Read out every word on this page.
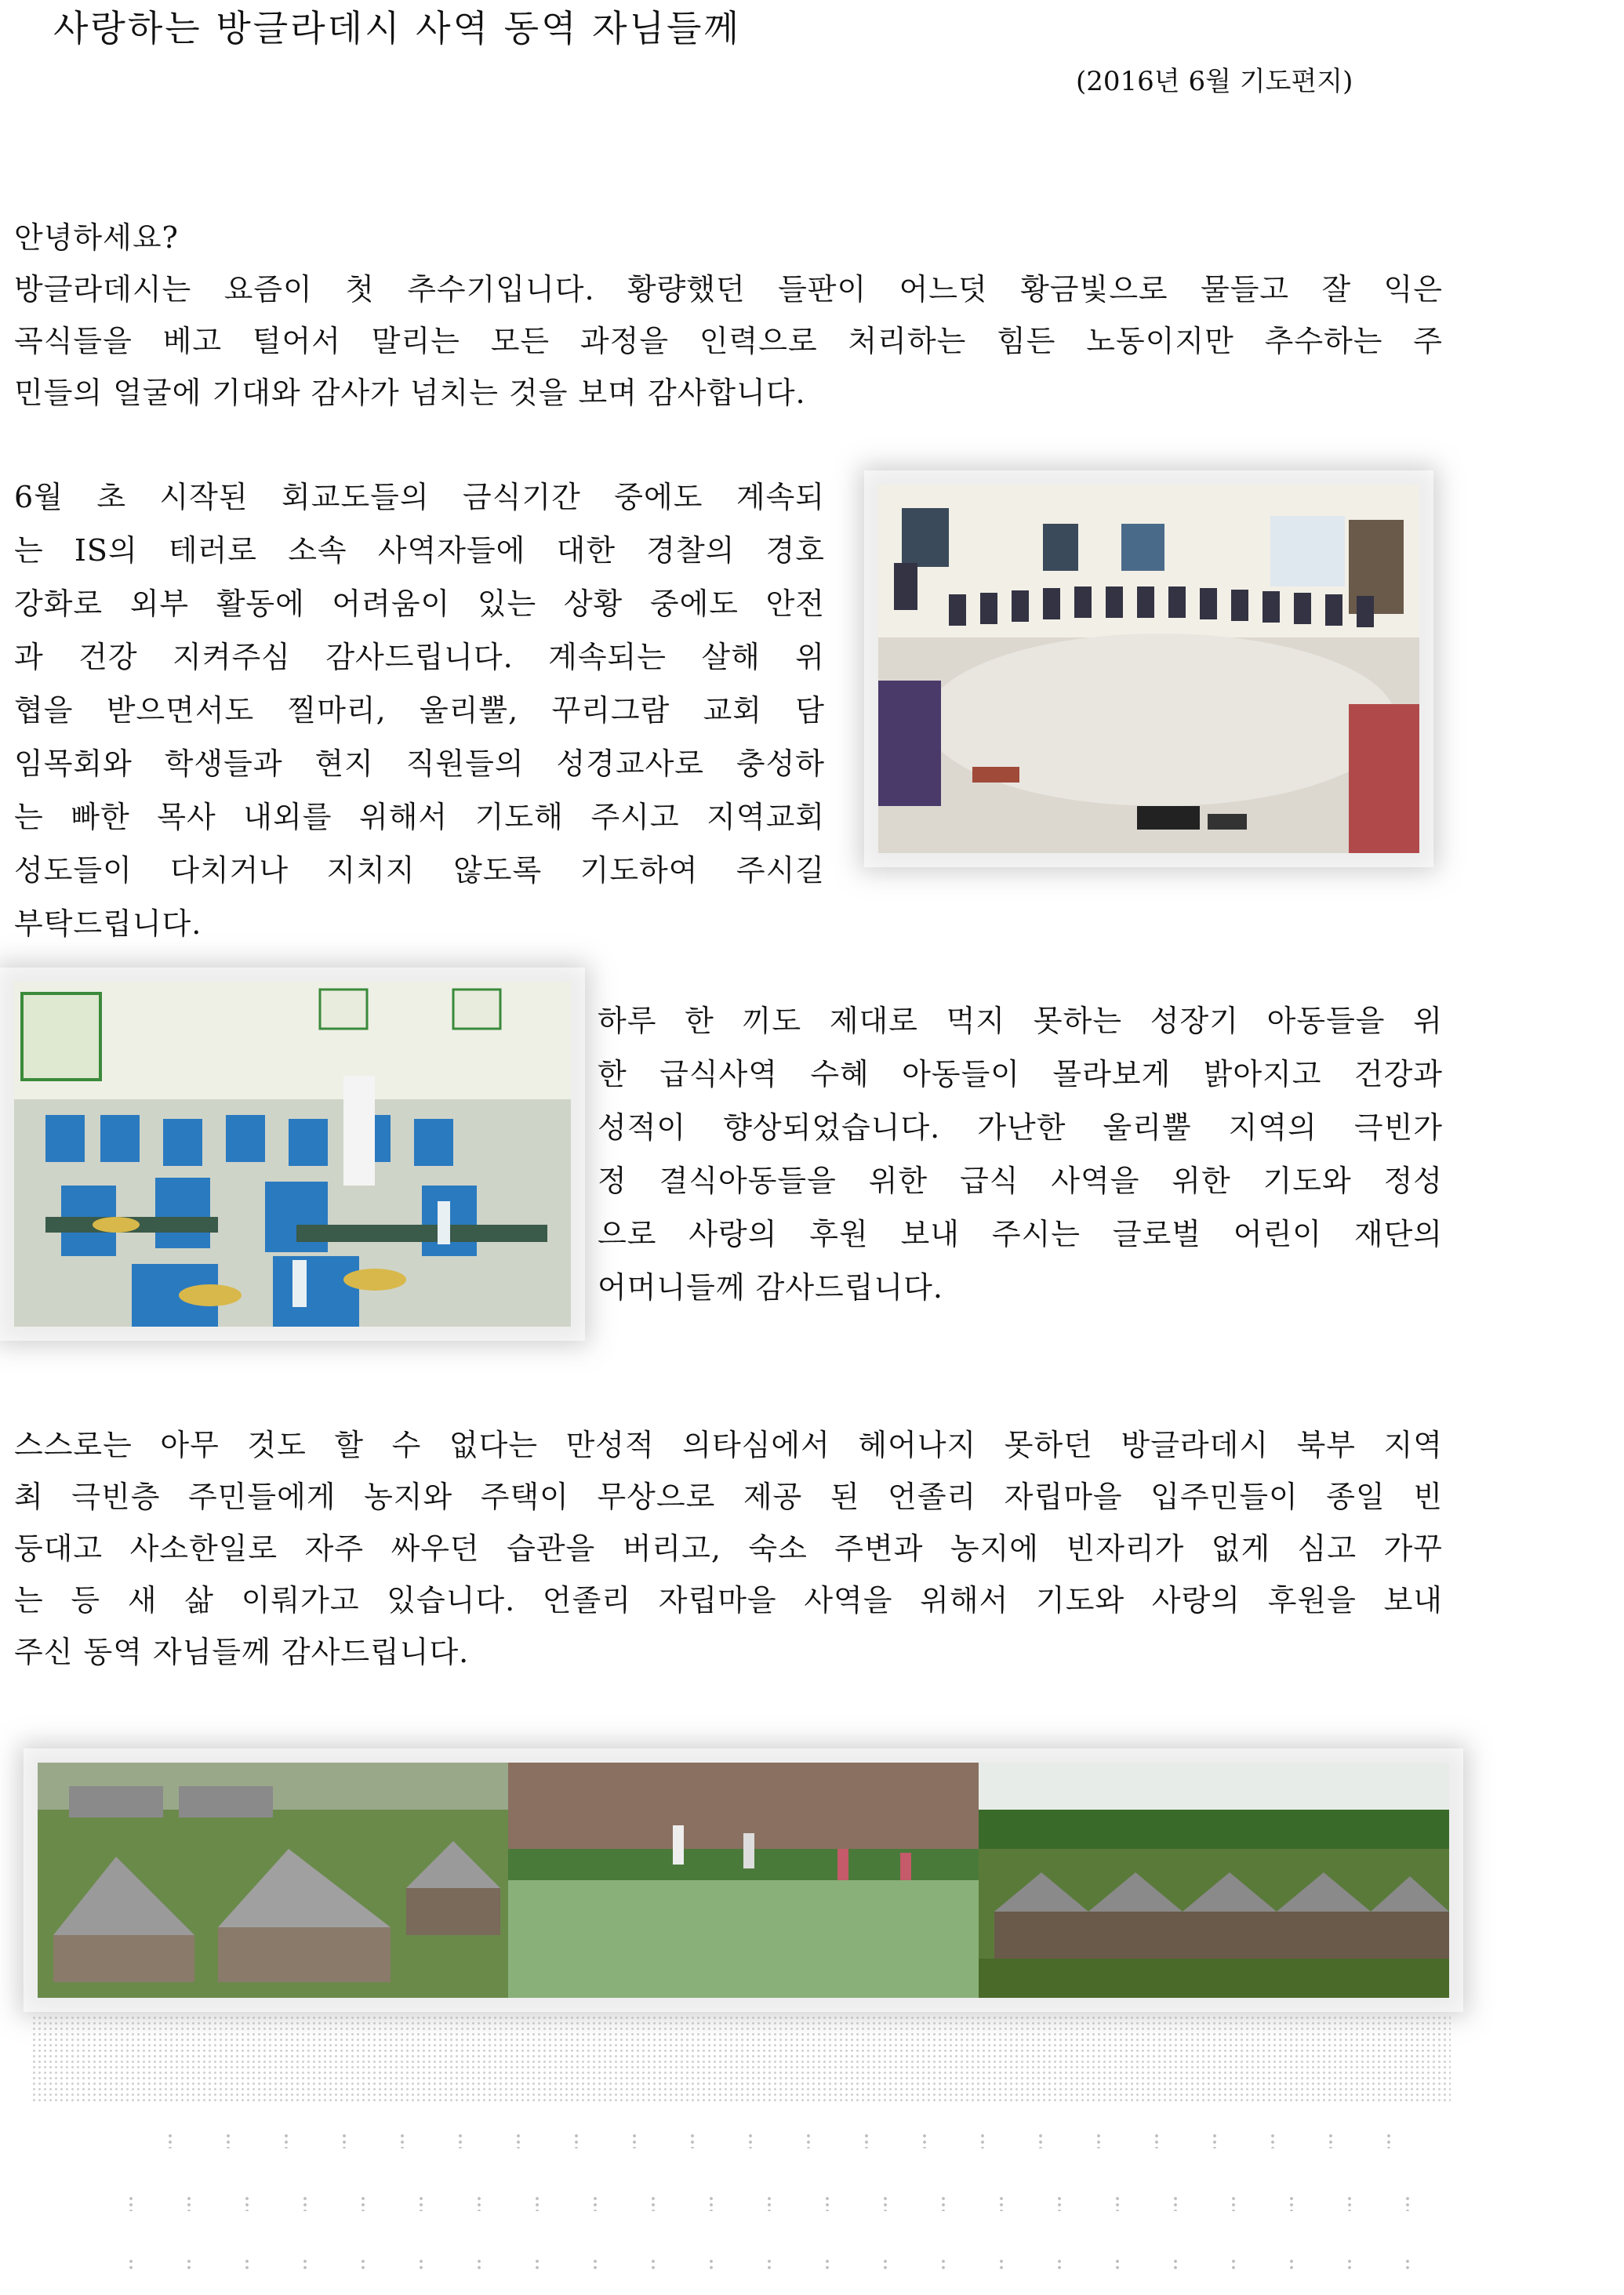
사랑하는 방글라데시 사역 동역 자님들께
(2016년 6월 기도편지)
안녕하세요?
방글라데시는 요즘이 첫 추수기입니다. 황량했던 들판이 어느덧 황금빛으로 물들고 잘 익은
곡식들을 베고 털어서 말리는 모든 과정을 인력으로 처리하는 힘든 노동이지만 추수하는 주
민들의 얼굴에 기대와 감사가 넘치는 것을 보며 감사합니다.
6월 초 시작된 회교도들의 금식기간 중에도 계속되
는 IS의 테러로 소속 사역자들에 대한 경찰의 경호
강화로 외부 활동에 어려움이 있는 상황 중에도 안전
과 건강 지켜주심 감사드립니다. 계속되는 살해 위
협을 받으면서도 찔마리, 울리뿔, 꾸리그람 교회 담
임목회와 학생들과 현지 직원들의 성경교사로 충성하
는 빠한 목사 내외를 위해서 기도해 주시고 지역교회
성도들이 다치거나 지치지 않도록 기도하여 주시길
부탁드립니다.
하루 한 끼도 제대로 먹지 못하는 성장기 아동들을 위
한 급식사역 수혜 아동들이 몰라보게 밝아지고 건강과
성적이 향상되었습니다. 가난한 울리뿔 지역의 극빈가
정 결식아동들을 위한 급식 사역을 위한 기도와 정성
으로 사랑의 후원 보내 주시는 글로벌 어린이 재단의
어머니들께 감사드립니다.
스스로는 아무 것도 할 수 없다는 만성적 의타심에서 헤어나지 못하던 방글라데시 북부 지역
최 극빈층 주민들에게 농지와 주택이 무상으로 제공 된 언졸리 자립마을 입주민들이 종일 빈
둥대고 사소한일로 자주 싸우던 습관을 버리고, 숙소 주변과 농지에 빈자리가 없게 심고 가꾸
는 등 새 삶 이뤄가고 있습니다. 언졸리 자립마을 사역을 위해서 기도와 사랑의 후원을 보내
주신 동역 자님들께 감사드립니다.
